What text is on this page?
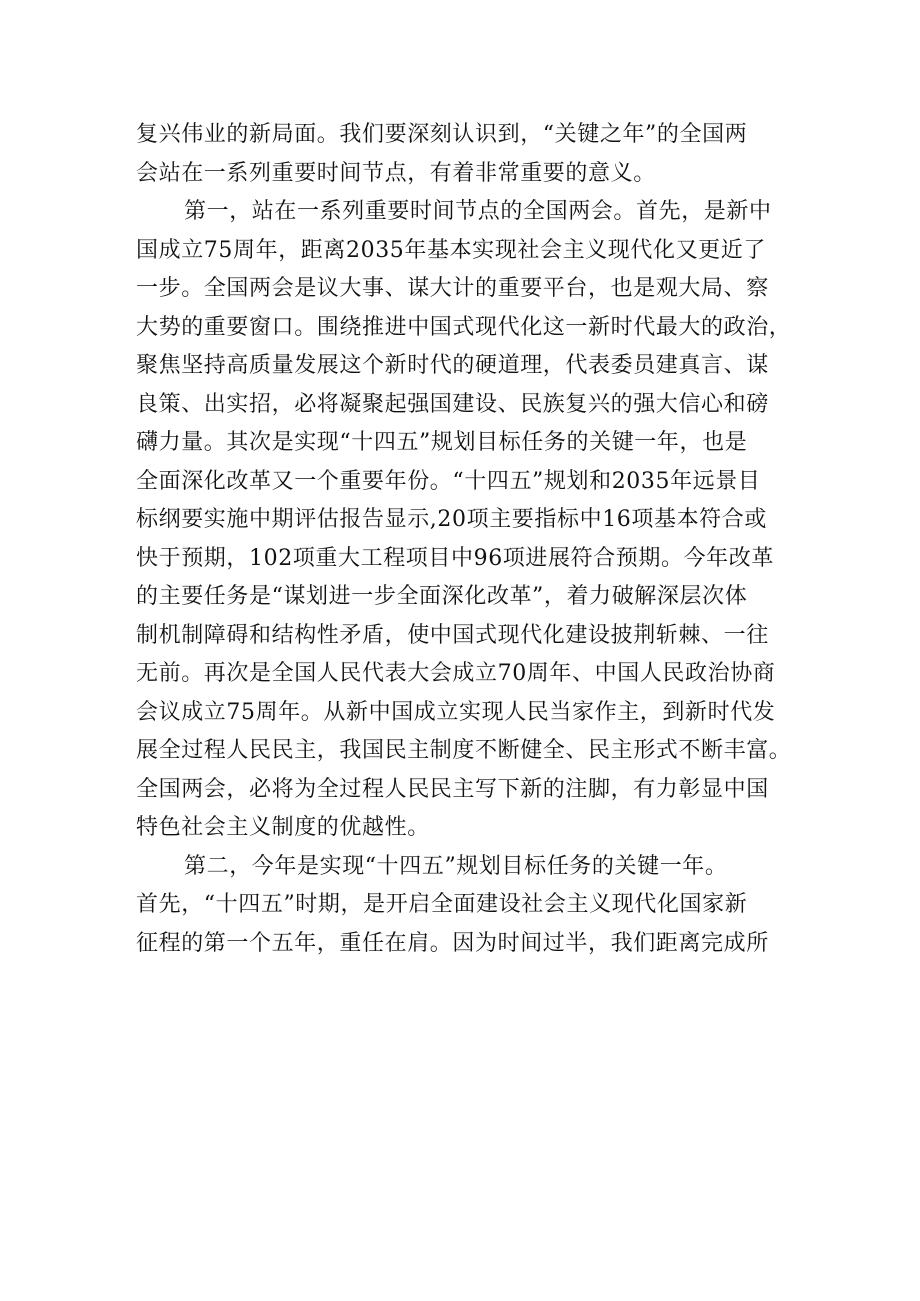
复兴伟业的新局面。我们要深刻认识到，“关键之年”的全国两
会站在一系列重要时间节点，有着非常重要的意义。
第一，站在一系列重要时间节点的全国两会。首先，是新中
国成立75周年，距离2035年基本实现社会主义现代化又更近了
一步。全国两会是议大事、谋大计的重要平台，也是观大局、察
大势的重要窗口。围绕推进中国式现代化这一新时代最大的政治，
聚焦坚持高质量发展这个新时代的硬道理，代表委员建真言、谋
良策、出实招，必将凝聚起强国建设、民族复兴的强大信心和磅
礴力量。其次是实现“十四五”规划目标任务的关键一年，也是
全面深化改革又一个重要年份。“十四五”规划和2035年远景目
标纲要实施中期评估报告显示,20项主要指标中16项基本符合或
快于预期，102项重大工程项目中96项进展符合预期。今年改革
的主要任务是“谋划进一步全面深化改革”，着力破解深层次体
制机制障碍和结构性矛盾，使中国式现代化建设披荆斩棘、一往
无前。再次是全国人民代表大会成立70周年、中国人民政治协商
会议成立75周年。从新中国成立实现人民当家作主，到新时代发
展全过程人民民主，我国民主制度不断健全、民主形式不断丰富。
全国两会，必将为全过程人民民主写下新的注脚，有力彰显中国
特色社会主义制度的优越性。
第二，今年是实现“十四五”规划目标任务的关键一年。
首先，“十四五”时期，是开启全面建设社会主义现代化国家新
征程的第一个五年，重任在肩。因为时间过半，我们距离完成所
